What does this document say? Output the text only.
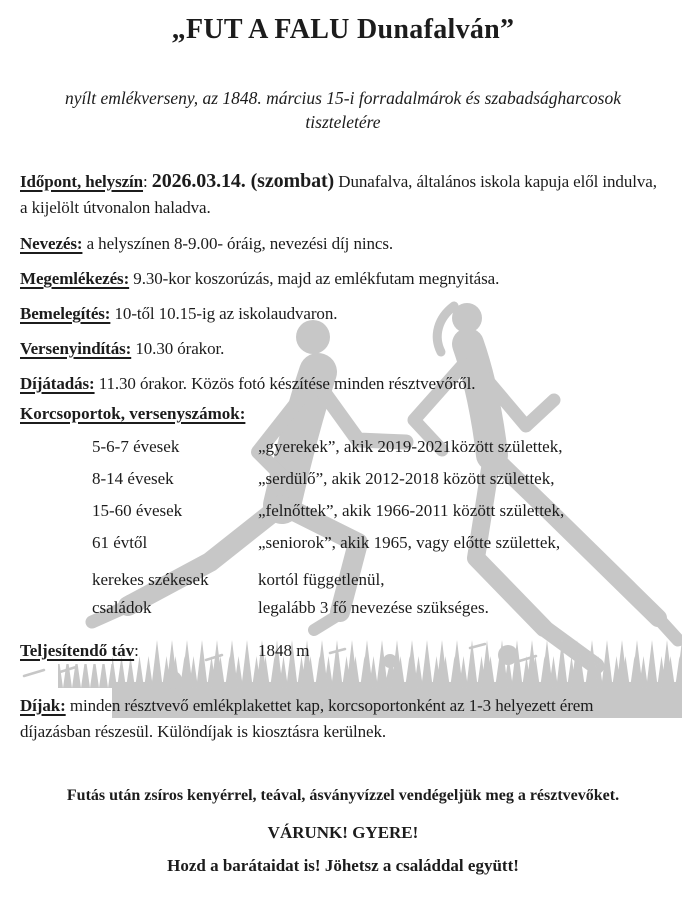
„FUT A FALU Dunafalván”

nyílt emlékverseny, az 1848. március 15-i forradalmárok és szabadságharcosok tiszteletére

Időpont, helyszín: 2026.03.14. (szombat) Dunafalva, általános iskola kapuja elől indulva, a kijelölt útvonalon haladva.

Nevezés: a helyszínen 8-9.00- óráig, nevezési díj nincs.

Megemlékezés: 9.30-kor koszorúzás, majd az emlékfutam megnyitása.

Bemelegítés: 10-től 10.15-ig az iskolaudvaron.

Versenyindítás: 10.30 órakor.

Díjátadás: 11.30 órakor. Közös fotó készítése minden résztvevőről.

Korcsoportok, versenyszámok:

5-6-7 évesek	„gyerekek”, akik 2019-2021között születtek,
8-14 évesek	„serdülő”, akik 2012-2018 között születtek,
15-60 évesek	„felnőttek”, akik 1966-2011 között születtek,
61 évtől	„seniorok”, akik 1965, vagy előtte születtek,
kerekes székesek	kortól függetlenül,
családok	legalább 3 fő nevezése szükséges.

Teljesítendő táv:	1848 m

Díjak: minden résztvevő emlékplakettet kap, korcsoportonként az 1-3 helyezett érem díjazásban részesül. Különdíjak is kiosztásra kerülnek.

Futás után zsíros kenyérrel, teával, ásványvízzel vendégeljük meg a résztvevőket.

VÁRUNK! GYERE!

Hozd a barátaidat is! Jöhetsz a családdal együtt!
